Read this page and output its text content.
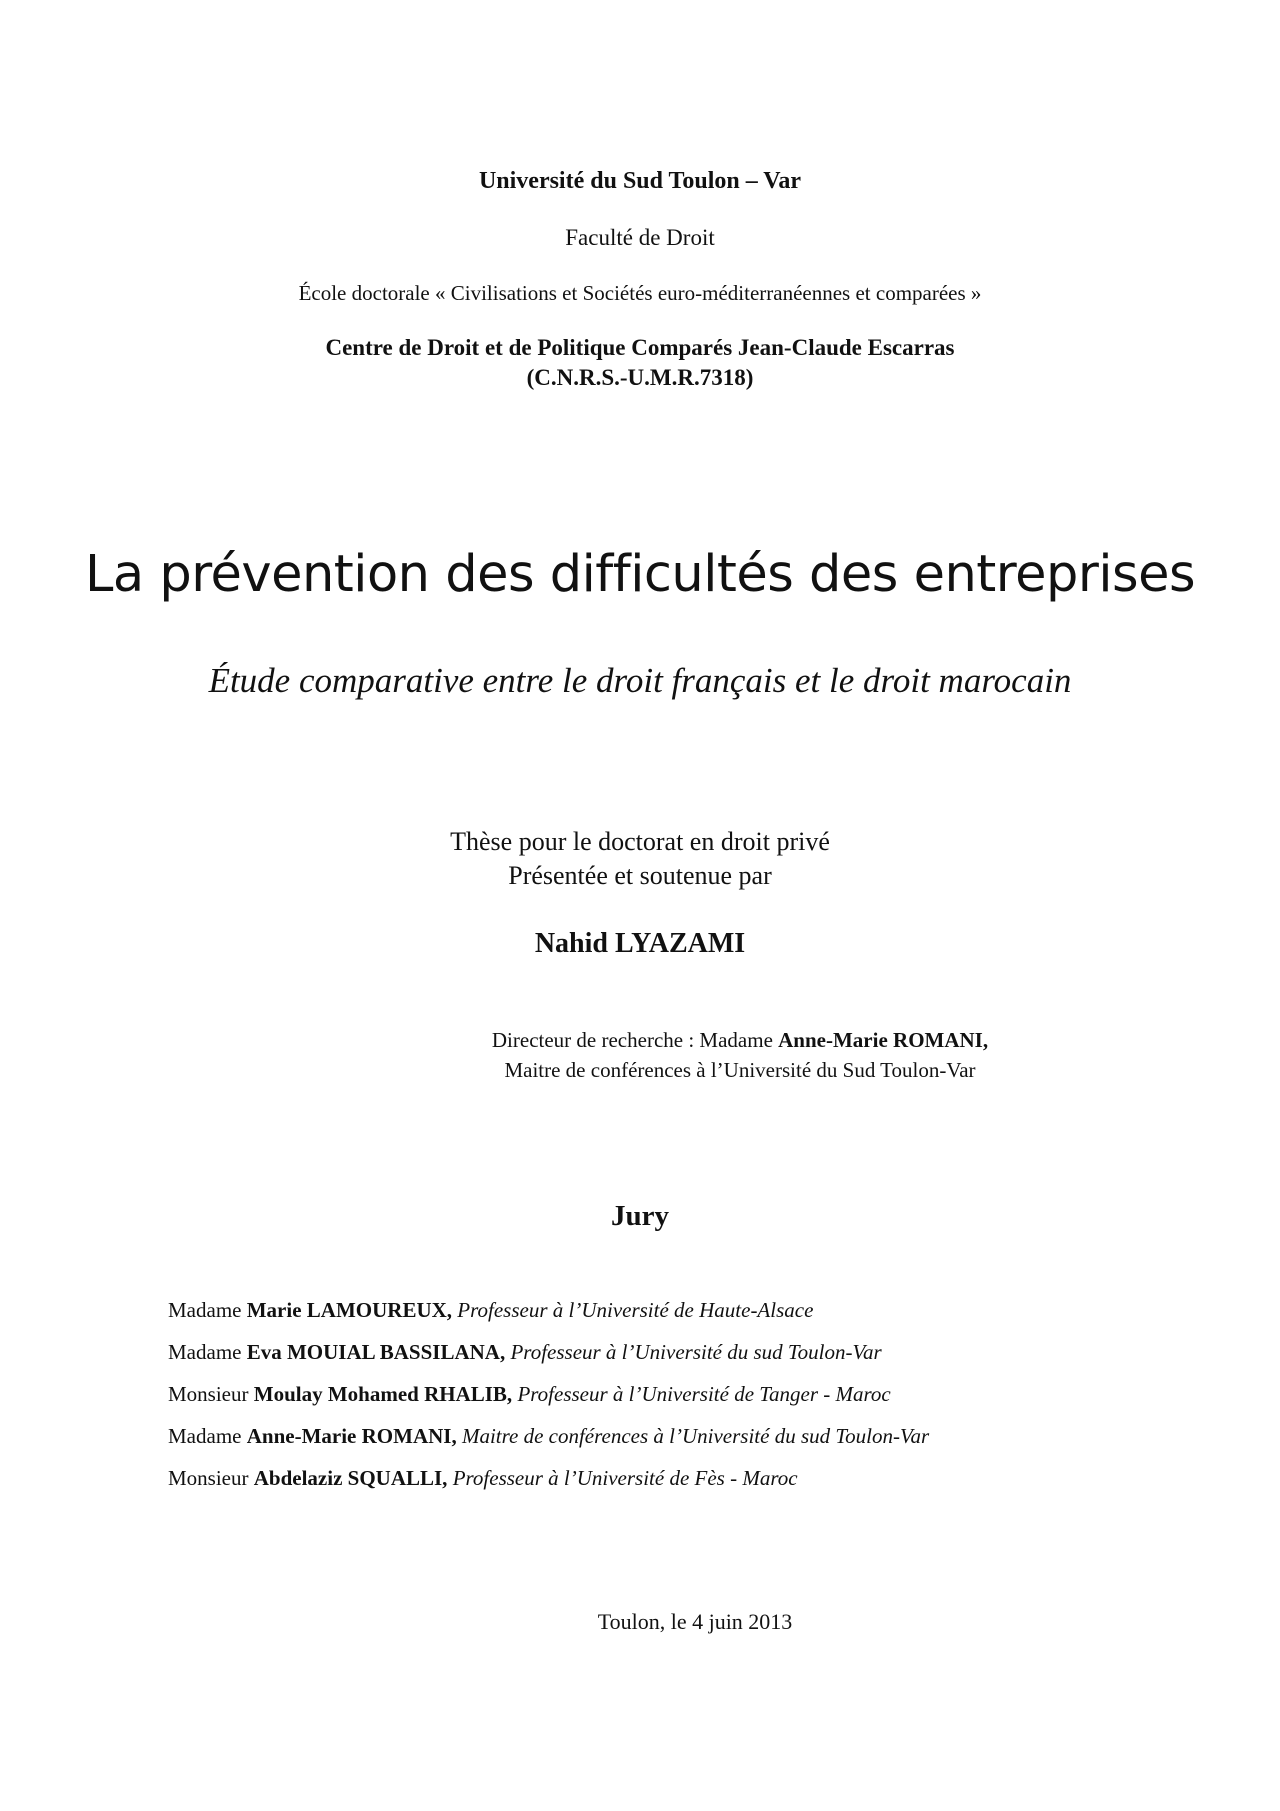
Université du Sud Toulon – Var
Faculté de Droit
École doctorale « Civilisations et Sociétés euro-méditerranéennes et comparées »
Centre de Droit et de Politique Comparés Jean-Claude Escarras
(C.N.R.S.-U.M.R.7318)
La prévention des difficultés des entreprises
Étude comparative entre le droit français et le droit marocain
Thèse pour le doctorat en droit privé
Présentée et soutenue par
Nahid LYAZAMI
Directeur de recherche : Madame Anne-Marie ROMANI,
Maitre de conférences à l’Université du Sud Toulon-Var
Jury
Madame Marie LAMOUREUX, Professeur à l’Université de Haute-Alsace
Madame Eva MOUIAL BASSILANA, Professeur à l’Université du sud Toulon-Var
Monsieur Moulay Mohamed RHALIB, Professeur à l’Université de Tanger - Maroc
Madame Anne-Marie ROMANI, Maitre de conférences à l’Université du sud Toulon-Var
Monsieur Abdelaziz SQUALLI, Professeur à l’Université de Fès - Maroc
Toulon, le 4 juin 2013
